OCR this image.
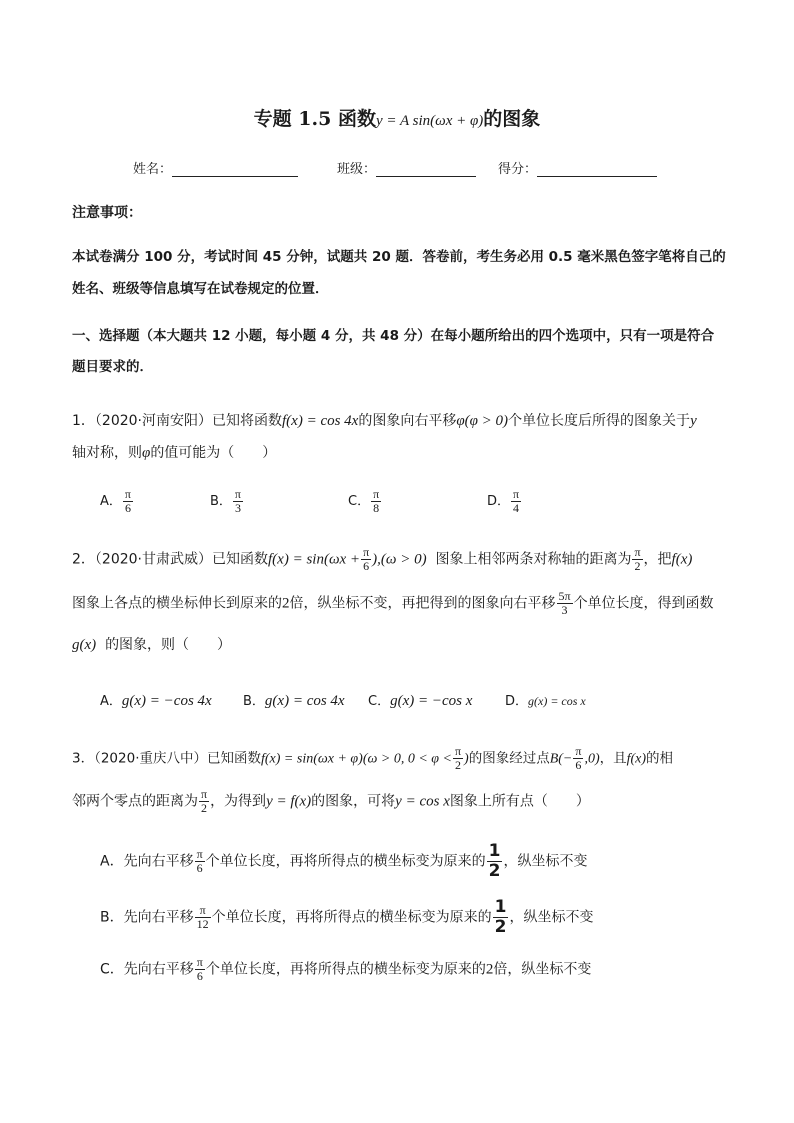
专题 1.5 函数y = A sin(ωx + φ)的图象
姓名：	班级：	得分：
注意事项：
本试卷满分 100 分，考试时间 45 分钟，试题共 20 题．答卷前，考生务必用 0.5 毫米黑色签字笔将自己的
姓名、班级等信息填写在试卷规定的位置．
一、选择题（本大题共 12 小题，每小题 4 分，共 48 分）在每小题所给出的四个选项中，只有一项是符合
题目要求的．
1．（2020·河南安阳）已知将函数f(x) = cos 4x的图象向右平移φ(φ > 0)个单位长度后所得的图象关于y
轴对称，则φ的值可能为（　　）
A． $\frac{\pi}{6}$	B． $\frac{\pi}{3}$	C． $\frac{\pi}{8}$	D． $\frac{\pi}{4}$
2．（2020·甘肃武威）已知函数$f(x) = \sin(\omega x + \frac{\pi}{6} ),(\omega > 0)$ 图象上相邻两条对称轴的距离为 $\frac{\pi}{2}$ ，把f(x)
图象上各点的横坐标伸长到原来的2倍，纵坐标不变，再把得到的图象向右平移 $\frac{5\pi}{3}$ 个单位长度，得到函数
g(x) 的图象，则（　　）
A．g(x) = −cos 4x B．g(x) = cos 4x C．g(x) = −cos x	D．g(x) = cos x
3．（2020·重庆八中）已知函数f(x) = sin(ωx + φ)(ω > 0, $0 < \varphi < \frac{\pi}{2}$ )的图象经过点$B(- \frac{\pi}{6} ,0)$，且f(x)的相
邻两个零点的距离为 $\frac{\pi}{2}$ ，为得到y = f(x)的图象，可将y = cos x图象上所有点（　　）
A．先向右平移 $\frac{\pi}{6}$ 个单位长度，再将所得点的横坐标变为原来的 $\frac{1}{2}$ ，纵坐标不变
B．先向右平移 $\frac{\pi}{12}$ 个单位长度，再将所得点的横坐标变为原来的 $\frac{1}{2}$ ，纵坐标不变
C．先向右平移 $\frac{\pi}{6}$ 个单位长度，再将所得点的横坐标变为原来的2倍，纵坐标不变
